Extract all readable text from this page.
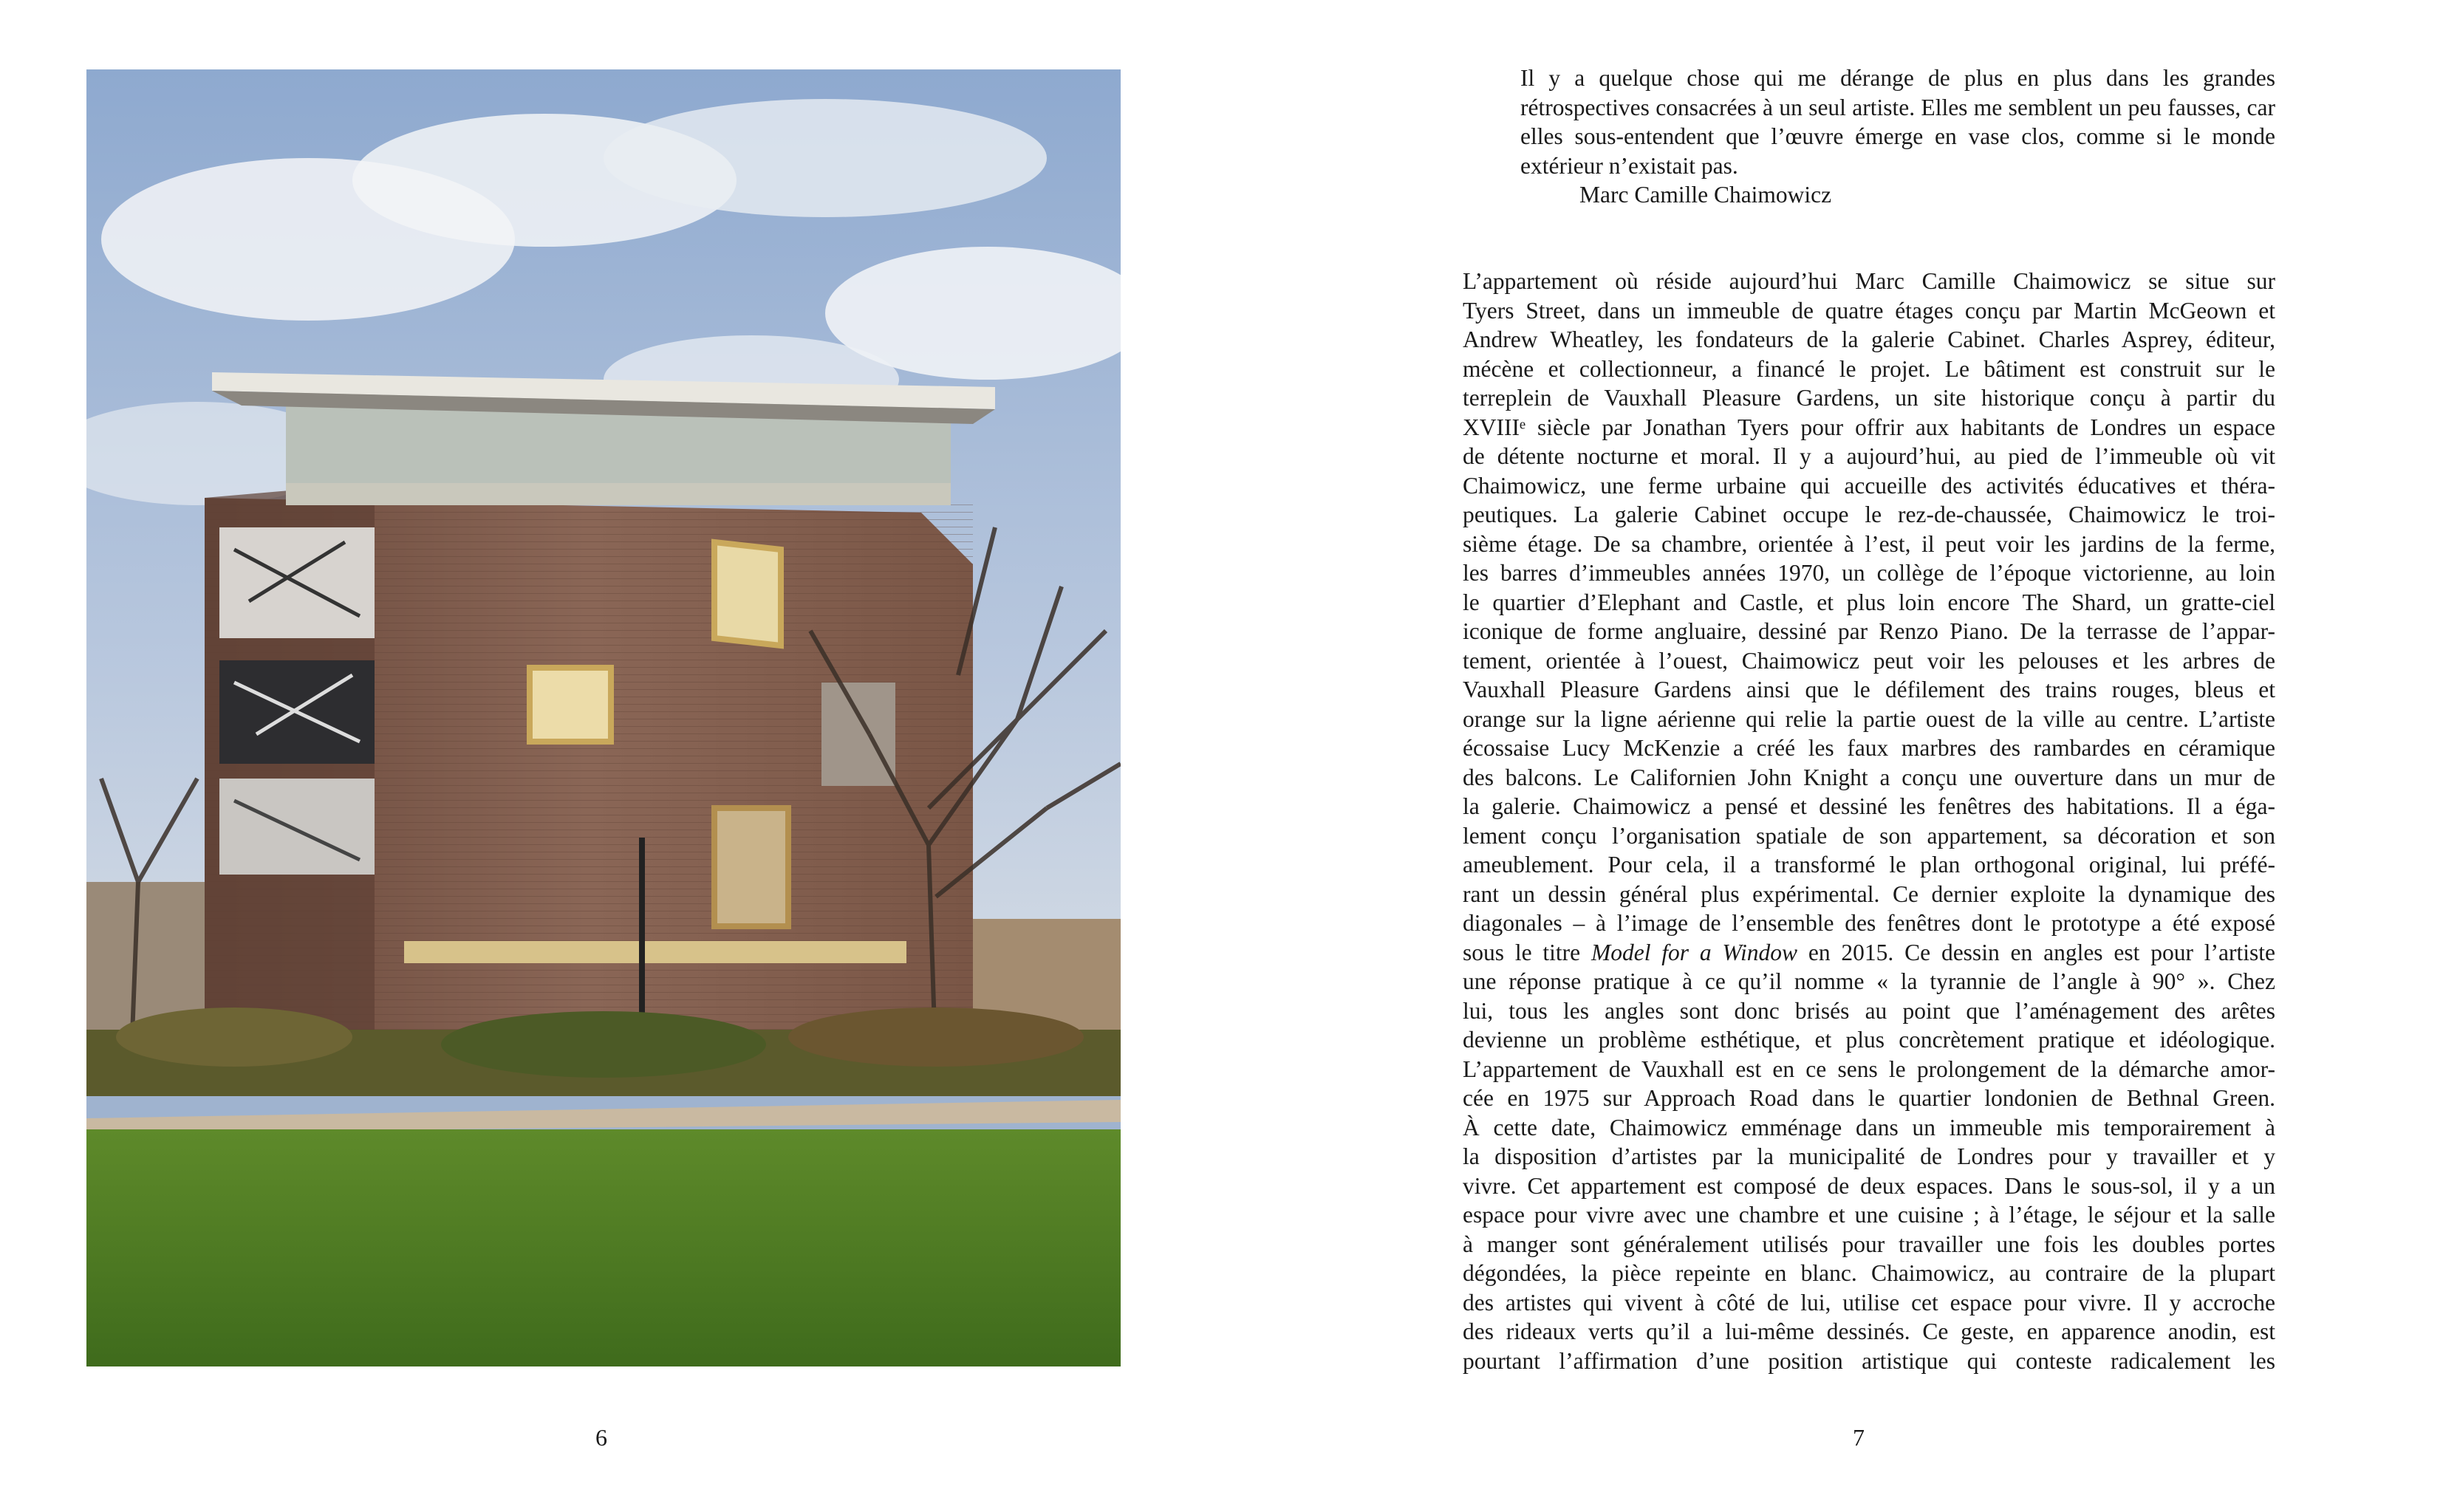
6

Il y a quelque chose qui me dérange de plus en plus dans les grandes rétrospectives consacrées à un seul artiste. Elles me semblent un peu fausses, car elles sous-entendent que l’œuvre émerge en vase clos, comme si le monde extérieur n’existait pas.

Marc Camille Chaimowicz

L’appartement où réside aujourd’hui Marc Camille Chaimowicz se situe sur
Tyers Street, dans un immeuble de quatre étages conçu par Martin McGeown et
Andrew Wheatley, les fondateurs de la galerie Cabinet. Charles Asprey, éditeur,
mécène et collectionneur, a financé le projet. Le bâtiment est construit sur le
terreplein de Vauxhall Pleasure Gardens, un site historique conçu à partir du
XVIIIᵉ siècle par Jonathan Tyers pour offrir aux habitants de Londres un espace
de détente nocturne et moral. Il y a aujourd’hui, au pied de l’immeuble où vit
Chaimowicz, une ferme urbaine qui accueille des activités éducatives et théra-
peutiques. La galerie Cabinet occupe le rez-de-chaussée, Chaimowicz le troi-
sième étage. De sa chambre, orientée à l’est, il peut voir les jardins de la ferme,
les barres d’immeubles années 1970, un collège de l’époque victorienne, au loin
le quartier d’Elephant and Castle, et plus loin encore The Shard, un gratte-ciel
iconique de forme angluaire, dessiné par Renzo Piano. De la terrasse de l’appar-
tement, orientée à l’ouest, Chaimowicz peut voir les pelouses et les arbres de
Vauxhall Pleasure Gardens ainsi que le défilement des trains rouges, bleus et
orange sur la ligne aérienne qui relie la partie ouest de la ville au centre. L’artiste
écossaise Lucy McKenzie a créé les faux marbres des rambardes en céramique
des balcons. Le Californien John Knight a conçu une ouverture dans un mur de
la galerie. Chaimowicz a pensé et dessiné les fenêtres des habitations. Il a éga-
lement conçu l’organisation spatiale de son appartement, sa décoration et son
ameublement. Pour cela, il a transformé le plan orthogonal original, lui préfé-
rant un dessin général plus expérimental. Ce dernier exploite la dynamique des
diagonales – à l’image de l’ensemble des fenêtres dont le prototype a été exposé
sous le titre Model for a Window en 2015. Ce dessin en angles est pour l’artiste
une réponse pratique à ce qu’il nomme « la tyrannie de l’angle à 90° ». Chez
lui, tous les angles sont donc brisés au point que l’aménagement des arêtes
devienne un problème esthétique, et plus concrètement pratique et idéologique.
L’appartement de Vauxhall est en ce sens le prolongement de la démarche amor-
cée en 1975 sur Approach Road dans le quartier londonien de Bethnal Green.
À cette date, Chaimowicz emménage dans un immeuble mis temporairement à
la disposition d’artistes par la municipalité de Londres pour y travailler et y
vivre. Cet appartement est composé de deux espaces. Dans le sous-sol, il y a un
espace pour vivre avec une chambre et une cuisine ; à l’étage, le séjour et la salle
à manger sont généralement utilisés pour travailler une fois les doubles portes
dégondées, la pièce repeinte en blanc. Chaimowicz, au contraire de la plupart
des artistes qui vivent à côté de lui, utilise cet espace pour vivre. Il y accroche
des rideaux verts qu’il a lui-même dessinés. Ce geste, en apparence anodin, est
pourtant l’affirmation d’une position artistique qui conteste radicalement les
7
